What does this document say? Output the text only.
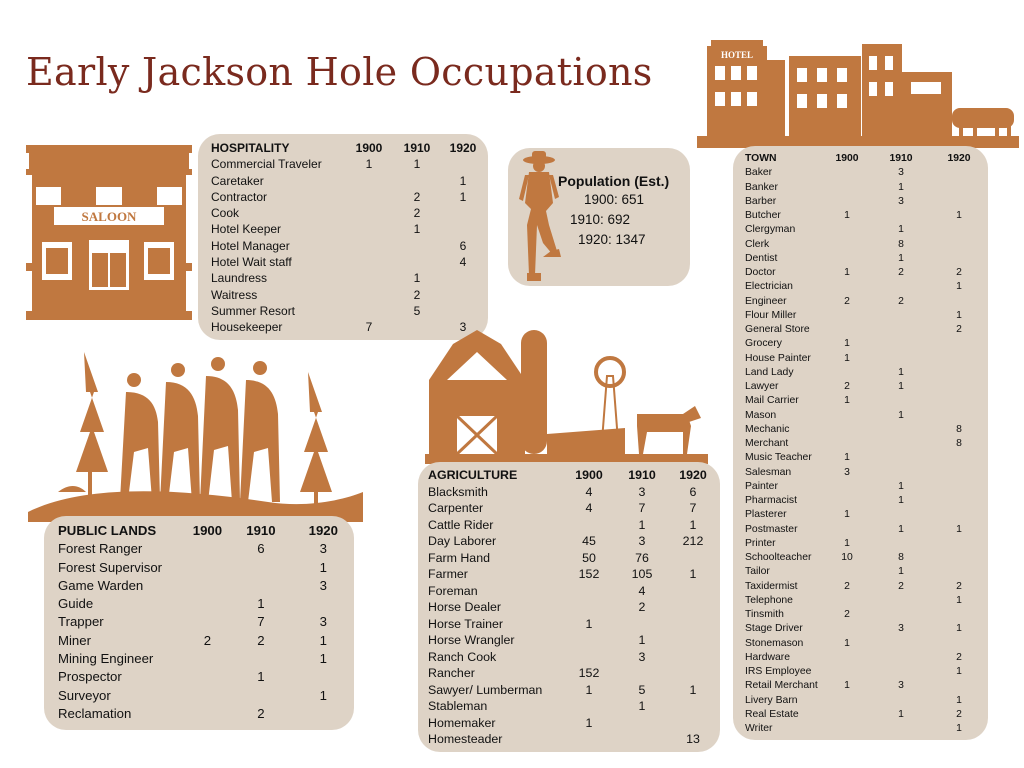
Early Jackson Hole Occupations
SALOON
HOTEL
HOSPITALITY	1900	1910	1920
Commercial Traveler	1	1	
Caretaker			1
Contractor		2	1
Cook		2	
Hotel Keeper		1	
Hotel Manager			6
Hotel Wait staff			4
Laundress		1	
Waitress		2	
Summer Resort		5	
Housekeeper	7		3
Population (Est.)
1900: 651
1910: 692
1920: 1347
TOWN	1900	1910	1920
Baker		3	
Banker		1	
Barber		3	
Butcher	1		1
Clergyman		1	
Clerk		8	
Dentist		1	
Doctor	1	2	2
Electrician			1
Engineer	2	2	
Flour Miller			1
General Store			2
Grocery	1		
House Painter	1		
Land Lady		1	
Lawyer	2	1	
Mail Carrier	1		
Mason		1	
Mechanic			8
Merchant			8
Music Teacher	1		
Salesman	3		
Painter		1	
Pharmacist		1	
Plasterer	1		
Postmaster		1	1
Printer	1		
Schoolteacher	10	8	
Tailor		1	
Taxidermist	2	2	2
Telephone			1
Tinsmith	2		
Stage Driver		3	1
Stonemason	1		
Hardware			2
IRS Employee			1
Retail Merchant	1	3	
Livery Barn			1
Real Estate		1	2
Writer			1
AGRICULTURE	1900	1910	1920
Blacksmith	4	3	6
Carpenter	4	7	7
Cattle Rider		1	1
Day Laborer	45	3	212
Farm Hand	50	76	
Farmer	152	105	1
Foreman		4	
Horse Dealer		2	
Horse Trainer	1		
Horse Wrangler		1	
Ranch Cook		3	
Rancher	152		
Sawyer/ Lumberman	1	5	1
Stableman		1	
Homemaker	1		
Homesteader			13
PUBLIC LANDS	1900	1910	1920
Forest Ranger		6	3
Forest Supervisor			1
Game Warden			3
Guide		1	
Trapper		7	3
Miner	2	2	1
Mining Engineer			1
Prospector		1	
Surveyor			1
Reclamation		2	
